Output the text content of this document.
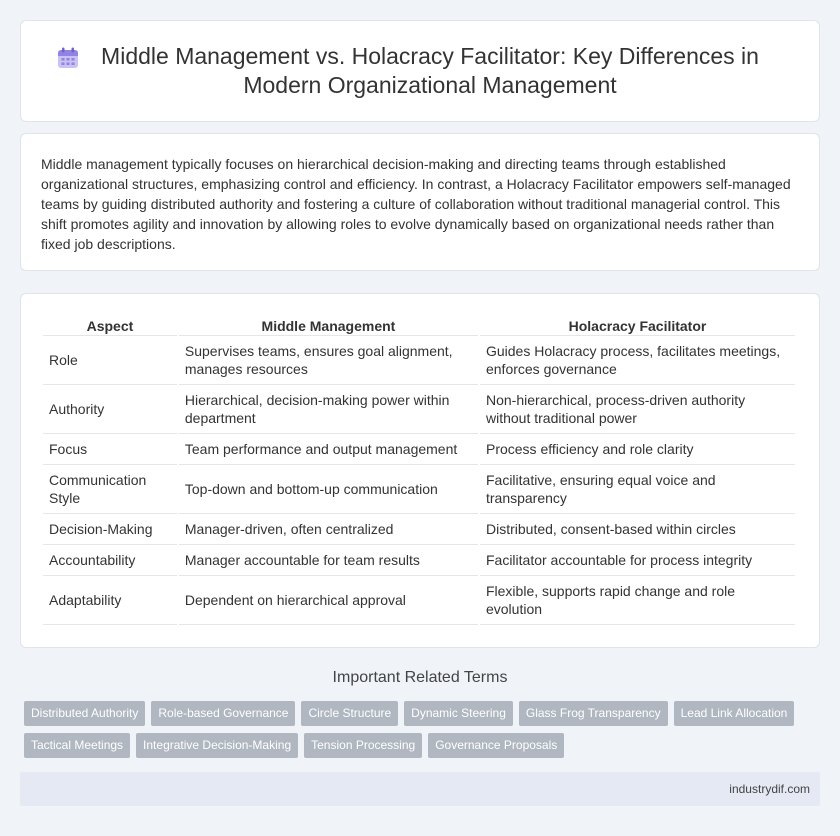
Middle Management vs. Holacracy Facilitator: Key Differences in Modern Organizational Management

Middle management typically focuses on hierarchical decision-making and directing teams through established organizational structures, emphasizing control and efficiency. In contrast, a Holacracy Facilitator empowers self-managed teams by guiding distributed authority and fostering a culture of collaboration without traditional managerial control. This shift promotes agility and innovation by allowing roles to evolve dynamically based on organizational needs rather than fixed job descriptions.

Aspect	Middle Management	Holacracy Facilitator
Role	Supervises teams, ensures goal alignment, manages resources	Guides Holacracy process, facilitates meetings, enforces governance
Authority	Hierarchical, decision-making power within department	Non-hierarchical, process-driven authority without traditional power
Focus	Team performance and output management	Process efficiency and role clarity
Communication Style	Top-down and bottom-up communication	Facilitative, ensuring equal voice and transparency
Decision-Making	Manager-driven, often centralized	Distributed, consent-based within circles
Accountability	Manager accountable for team results	Facilitator accountable for process integrity
Adaptability	Dependent on hierarchical approval	Flexible, supports rapid change and role evolution
Important Related Terms
Distributed Authority	Role-based Governance	Circle Structure	Dynamic Steering	Glass Frog Transparency	Lead Link Allocation
Tactical Meetings	Integrative Decision-Making	Tension Processing	Governance Proposals
industrydif.com
